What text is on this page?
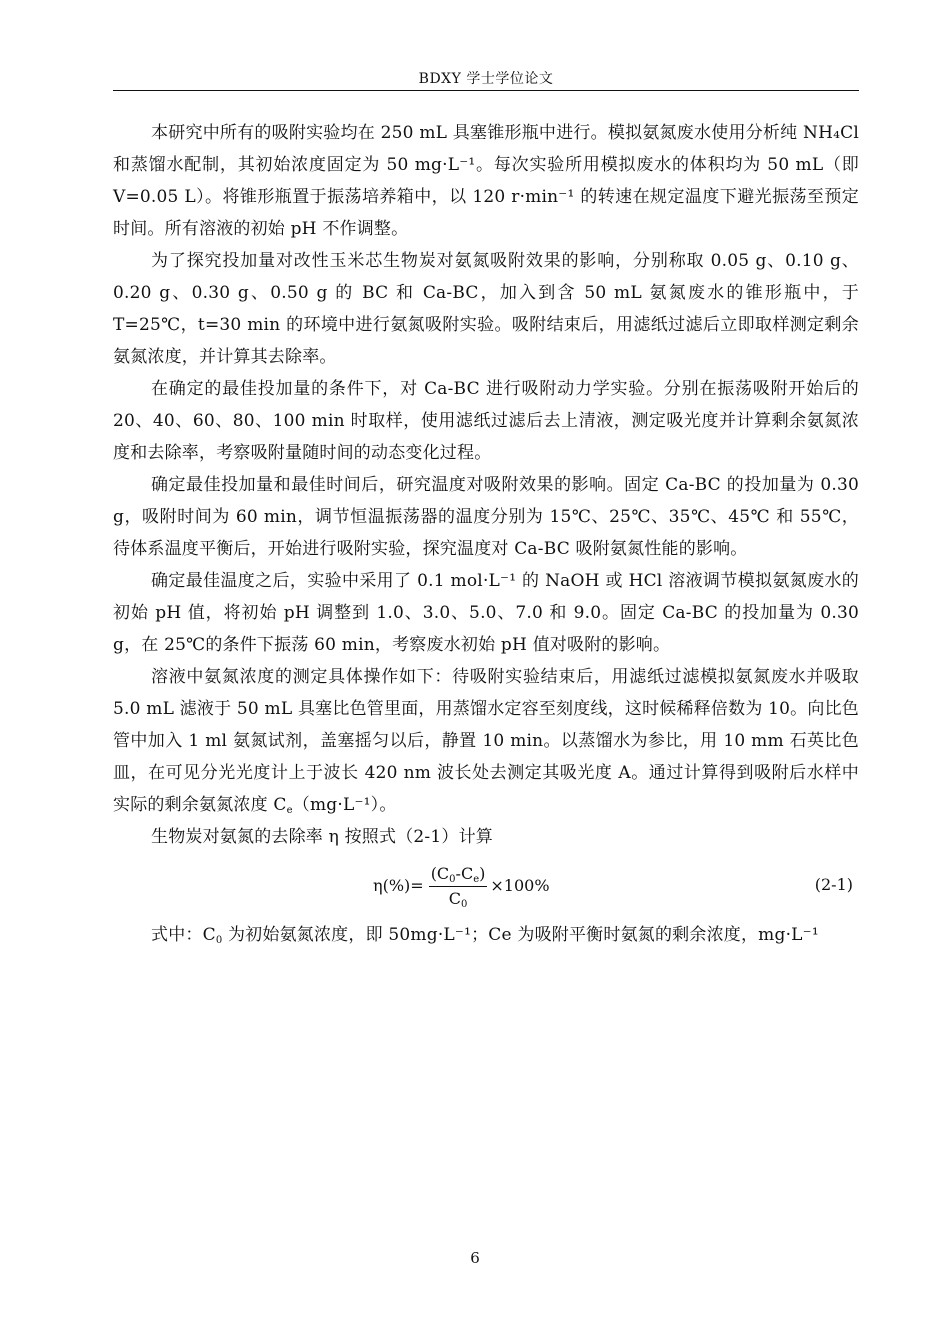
BDXY 学士学位论文

本研究中所有的吸附实验均在 250 mL 具塞锥形瓶中进行。模拟氨氮废水使用分析纯 NH₄Cl 和蒸馏水配制，其初始浓度固定为 50 mg·L⁻¹。每次实验所用模拟废水的体积均为 50 mL（即 V=0.05 L）。将锥形瓶置于振荡培养箱中，以 120 r·min⁻¹ 的转速在规定温度下避光振荡至预定时间。所有溶液的初始 pH 不作调整。

为了探究投加量对改性玉米芯生物炭对氨氮吸附效果的影响，分别称取 0.05 g、0.10 g、0.20 g、0.30 g、0.50 g 的 BC 和 Ca-BC，加入到含 50 mL 氨氮废水的锥形瓶中，于 T=25℃，t=30 min 的环境中进行氨氮吸附实验。吸附结束后，用滤纸过滤后立即取样测定剩余氨氮浓度，并计算其去除率。

在确定的最佳投加量的条件下，对 Ca-BC 进行吸附动力学实验。分别在振荡吸附开始后的 20、40、60、80、100 min 时取样，使用滤纸过滤后去上清液，测定吸光度并计算剩余氨氮浓度和去除率，考察吸附量随时间的动态变化过程。

确定最佳投加量和最佳时间后，研究温度对吸附效果的影响。固定 Ca-BC 的投加量为 0.30 g，吸附时间为 60 min，调节恒温振荡器的温度分别为 15℃、25℃、35℃、45℃ 和 55℃，待体系温度平衡后，开始进行吸附实验，探究温度对 Ca-BC 吸附氨氮性能的影响。

确定最佳温度之后，实验中采用了 0.1 mol·L⁻¹ 的 NaOH 或 HCl 溶液调节模拟氨氮废水的初始 pH 值，将初始 pH 调整到 1.0、3.0、5.0、7.0 和 9.0。固定 Ca-BC 的投加量为 0.30 g，在 25℃的条件下振荡 60 min，考察废水初始 pH 值对吸附的影响。

溶液中氨氮浓度的测定具体操作如下：待吸附实验结束后，用滤纸过滤模拟氨氮废水并吸取 5.0 mL 滤液于 50 mL 具塞比色管里面，用蒸馏水定容至刻度线，这时候稀释倍数为 10。向比色管中加入 1 ml 氨氮试剂，盖塞摇匀以后，静置 10 min。以蒸馏水为参比，用 10 mm 石英比色皿，在可见分光光度计上于波长 420 nm 波长处去测定其吸光度 A。通过计算得到吸附后水样中实际的剩余氨氮浓度 $C_e(mg\cdot L^{-1})$。

生物炭对氨氮的去除率 η 按照式（2-1）计算

$\eta(\%)= \frac{(C_0-C_e)}{C_0} \times 100\%$	(2-1)

式中：$C_0$ 为初始氨氮浓度，即 50mg·L⁻¹；Ce 为吸附平衡时氨氮的剩余浓度，mg·L⁻¹

6
